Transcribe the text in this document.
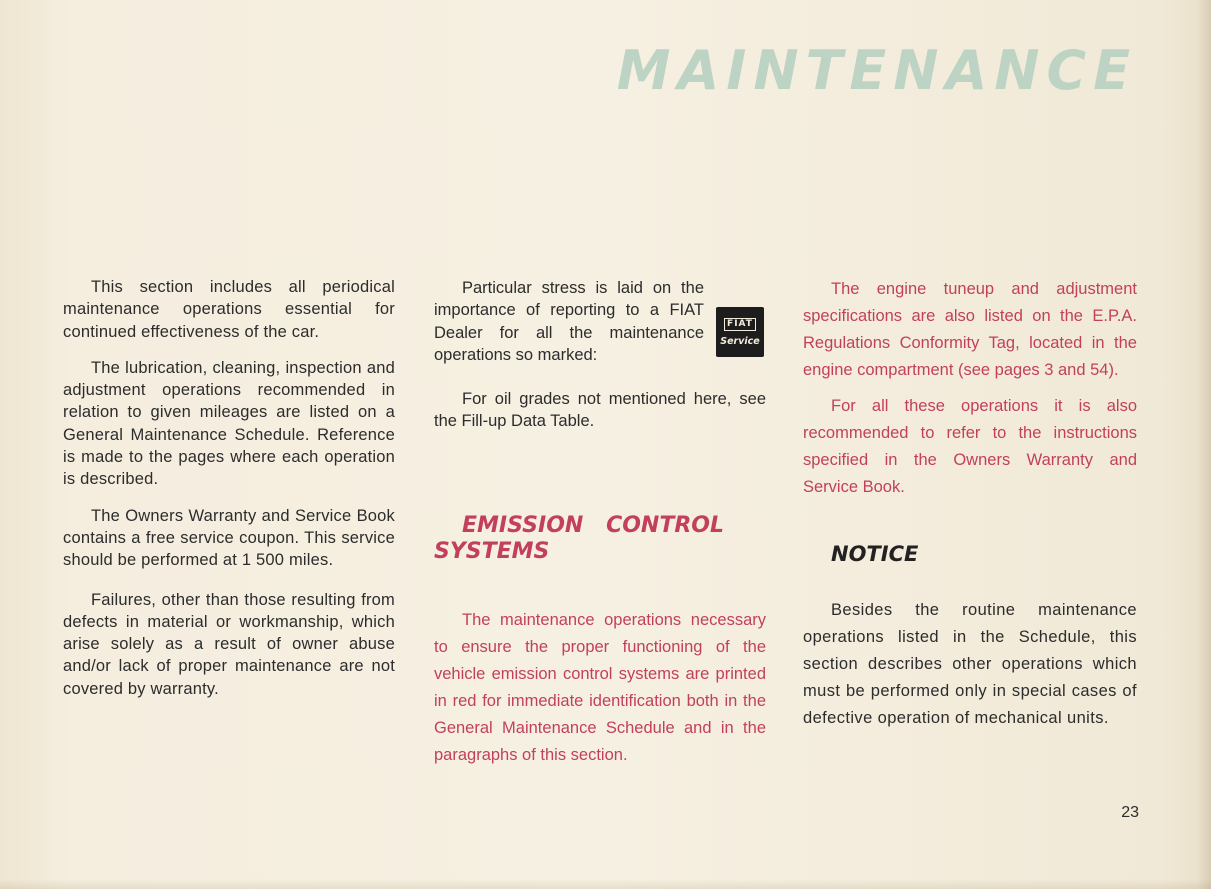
MAINTENANCE

This section includes all periodical maintenance operations essential for continued effectiveness of the car.

The lubrication, cleaning, inspection and adjustment operations recommended in relation to given mileages are listed on a General Maintenance Schedule. Reference is made to the pages where each operation is described.

The Owners Warranty and Service Book contains a free service coupon. This service should be performed at 1 500 miles.

Failures, other than those resulting from defects in material or workmanship, which arise solely as a result of owner abuse and/or lack of proper maintenance are not covered by warranty.

Particular stress is laid on the importance of reporting to a FIAT Dealer for all the maintenance operations so marked:

FIAT
Service

For oil grades not mentioned here, see the Fill-up Data Table.

EMISSION CONTROL SYSTEMS

The maintenance operations necessary to ensure the proper functioning of the vehicle emission control systems are printed in red for immediate identification both in the General Maintenance Schedule and in the paragraphs of this section.

The engine tuneup and adjustment specifications are also listed on the E.P.A. Regulations Conformity Tag, located in the engine compartment (see pages 3 and 54).

For all these operations it is also recommended to refer to the instructions specified in the Owners Warranty and Service Book.

NOTICE

Besides the routine maintenance operations listed in the Schedule, this section describes other operations which must be performed only in special cases of defective operation of mechanical units.

23
